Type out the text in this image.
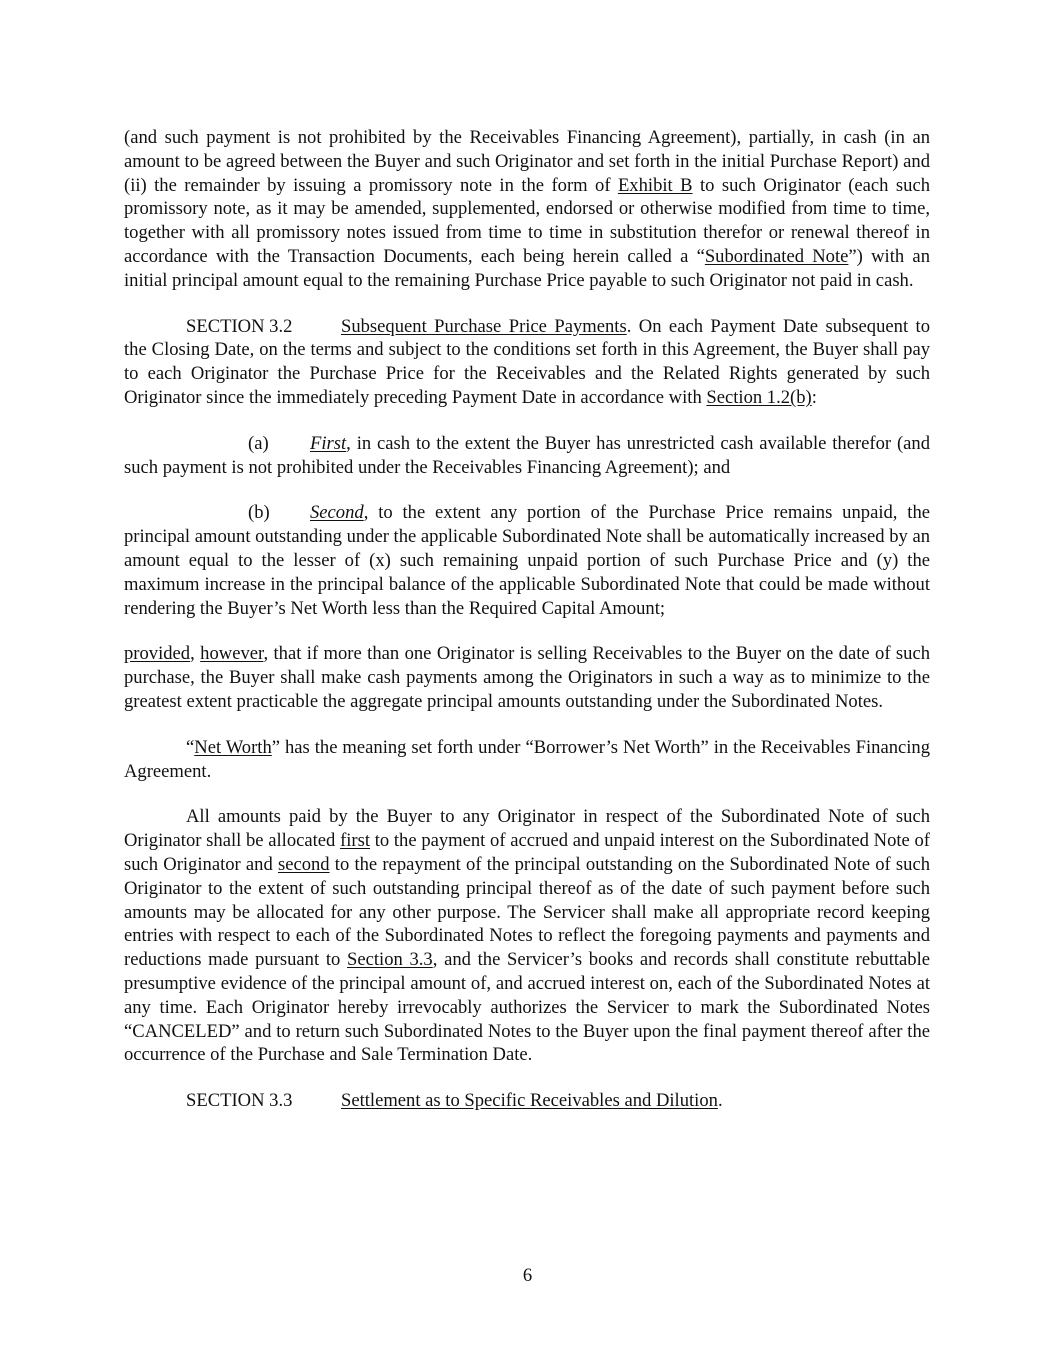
(and such payment is not prohibited by the Receivables Financing Agreement), partially, in cash (in an amount to be agreed between the Buyer and such Originator and set forth in the initial Purchase Report) and (ii) the remainder by issuing a promissory note in the form of Exhibit B to such Originator (each such promissory note, as it may be amended, supplemented, endorsed or otherwise modified from time to time, together with all promissory notes issued from time to time in substitution therefor or renewal thereof in accordance with the Transaction Documents, each being herein called a “Subordinated Note”) with an initial principal amount equal to the remaining Purchase Price payable to such Originator not paid in cash.

SECTION 3.2	Subsequent Purchase Price Payments. On each Payment Date subsequent to the Closing Date, on the terms and subject to the conditions set forth in this Agreement, the Buyer shall pay to each Originator the Purchase Price for the Receivables and the Related Rights generated by such Originator since the immediately preceding Payment Date in accordance with Section 1.2(b):

(a) First, in cash to the extent the Buyer has unrestricted cash available therefor (and such payment is not prohibited under the Receivables Financing Agreement); and

(b) Second, to the extent any portion of the Purchase Price remains unpaid, the principal amount outstanding under the applicable Subordinated Note shall be automatically increased by an amount equal to the lesser of (x) such remaining unpaid portion of such Purchase Price and (y) the maximum increase in the principal balance of the applicable Subordinated Note that could be made without rendering the Buyer’s Net Worth less than the Required Capital Amount;

provided, however, that if more than one Originator is selling Receivables to the Buyer on the date of such purchase, the Buyer shall make cash payments among the Originators in such a way as to minimize to the greatest extent practicable the aggregate principal amounts outstanding under the Subordinated Notes.

“Net Worth” has the meaning set forth under “Borrower’s Net Worth” in the Receivables Financing Agreement.

All amounts paid by the Buyer to any Originator in respect of the Subordinated Note of such Originator shall be allocated first to the payment of accrued and unpaid interest on the Subordinated Note of such Originator and second to the repayment of the principal outstanding on the Subordinated Note of such Originator to the extent of such outstanding principal thereof as of the date of such payment before such amounts may be allocated for any other purpose. The Servicer shall make all appropriate record keeping entries with respect to each of the Subordinated Notes to reflect the foregoing payments and payments and reductions made pursuant to Section 3.3, and the Servicer’s books and records shall constitute rebuttable presumptive evidence of the principal amount of, and accrued interest on, each of the Subordinated Notes at any time. Each Originator hereby irrevocably authorizes the Servicer to mark the Subordinated Notes “CANCELED” and to return such Subordinated Notes to the Buyer upon the final payment thereof after the occurrence of the Purchase and Sale Termination Date.

SECTION 3.3	Settlement as to Specific Receivables and Dilution.

6
